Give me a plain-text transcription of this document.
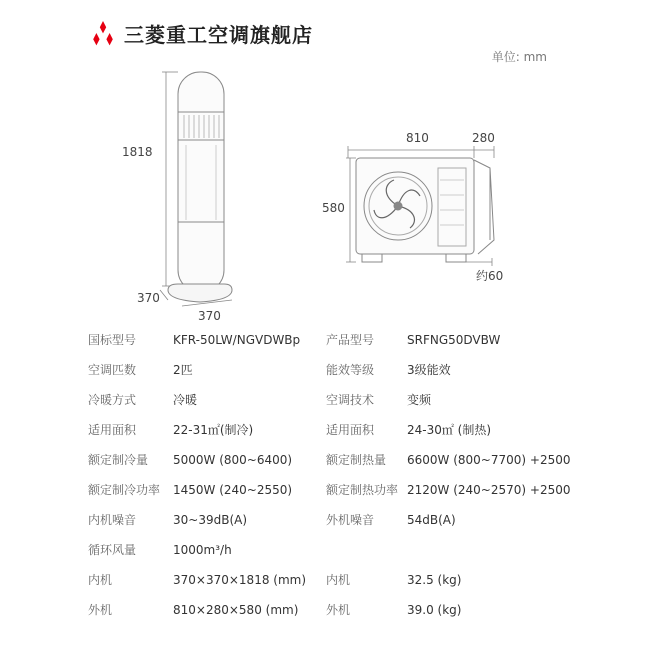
三菱重工空调旗舰店
单位: mm
1818
370
370
810	280
580
约60
国标型号	KFR-50LW/NGVDWBp 产品型号	SRFNG50DVBW
空调匹数	2匹	能效等级	3级能效
冷暖方式	冷暖	空调技术	变频
适用面积	22-31㎡(制冷)	适用面积	24-30㎡ (制热)
额定制冷量 5000W (800~6400)	额定制热量 6600W (800~7700) +2500
额定制冷功率 1450W (240~2550)	额定制热功率 2120W (240~2570) +2500
内机噪音	30~39dB(A)	外机噪音	54dB(A)
循环风量	1000m³/h
内机	370×370×1818 (mm) 内机	32.5 (kg)
外机	810×280×580 (mm) 外机	39.0 (kg)
